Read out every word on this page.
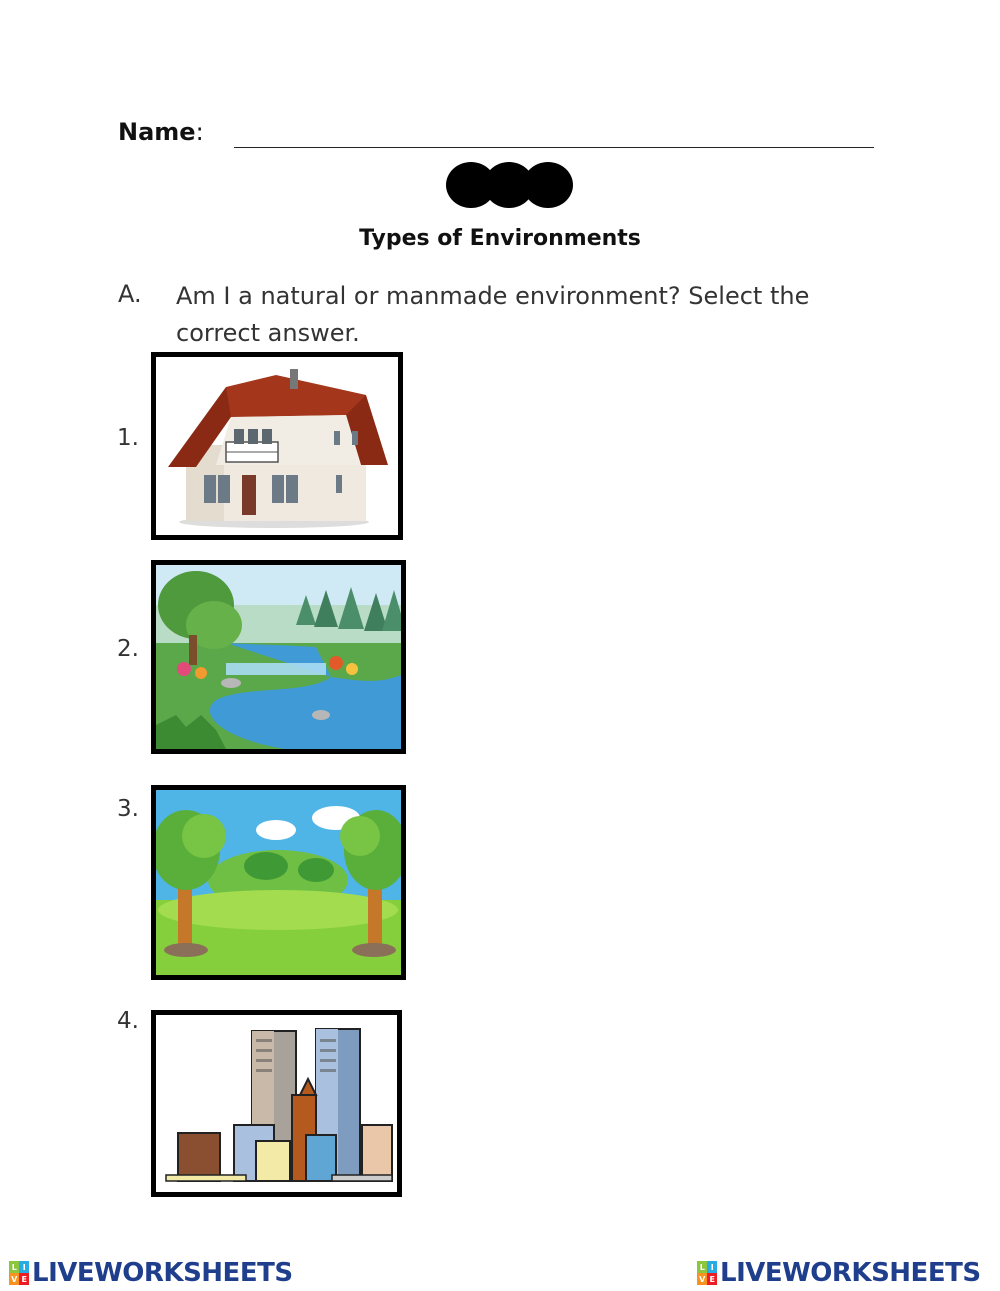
Name:
Types of Environments
A. Am I a natural or manmade environment? Select the correct answer.
1.
2.
3.
4.
L I
V E LIVEWORKSHEETS	L I
V E LIVEWORKSHEETS
